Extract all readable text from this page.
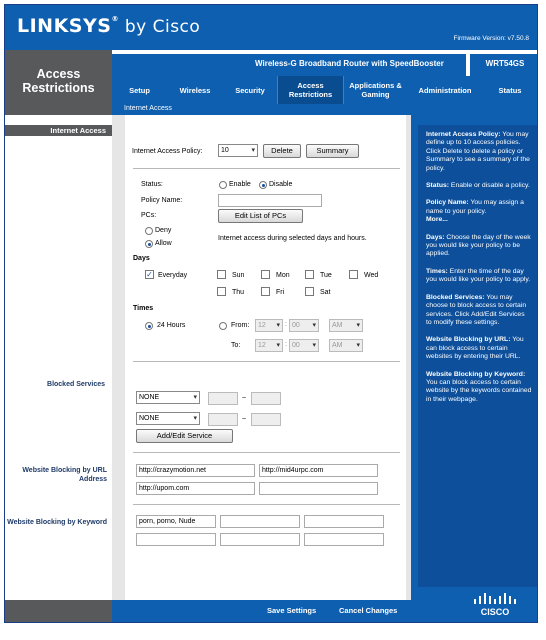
LINKSYS® by Cisco
Firmware Version: v7.50.8
Access Restrictions
Wireless-G Broadband Router with SpeedBooster	WRT54GS
Setup	Wireless	Security	Access Restrictions
Applications & Gaming	Administration	Status
Internet Access
Internet Access
Blocked Services
Website Blocking by URL Address
Website Blocking by Keyword
Internet Access Policy:	10 ▾	Delete	Summary
Status:	Enable	Disable
Policy Name:
PCs:	Edit List of PCs
Deny
Allow
Internet access during selected days and hours.
Days
✓ Everyday	Sun	Mon	Tue	Wed
Thu	Fri	Sat
Times
24 Hours	From:	12 ▾	: 00 ▾	AM ▾
To:	12 ▾	: 00 ▾	AM ▾
NONE ▾	~
NONE ▾	~
Add/Edit Service
http://crazymotion.net	http://mid4urpc.com
http://upom.com
porn, porno, Nude

Internet Access Policy: You may define up to 10 access policies. Click Delete to delete a policy or Summary to see a summary of the policy.

Status: Enable or disable a policy.

Policy Name: You may assign a name to your policy.
More...

Days: Choose the day of the week you would like your policy to be applied.

Times: Enter the time of the day you would like your policy to apply.

Blocked Services: You may choose to block access to certain services. Click Add/Edit Services to modify these settings.

Website Blocking by URL: You can block access to certain websites by entering their URL.

Website Blocking by Keyword: You can block access to certain website by the keywords contained in their webpage.

Save Settings	Cancel Changes	CISCO
